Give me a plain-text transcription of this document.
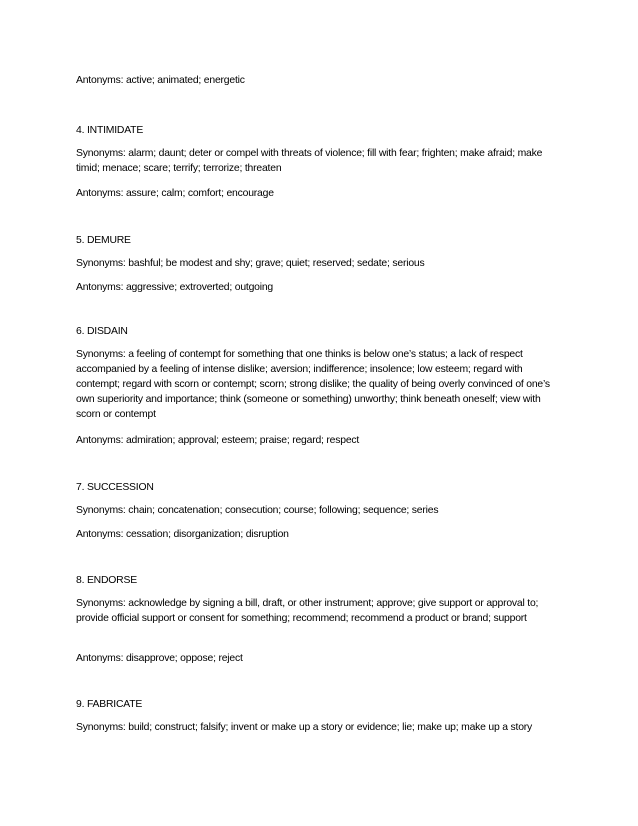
Antonyms: active; animated; energetic

4. INTIMIDATE

Synonyms: alarm; daunt; deter or compel with threats of violence; fill with fear; frighten; make afraid; make timid; menace; scare; terrify; terrorize; threaten

Antonyms: assure; calm; comfort; encourage

5. DEMURE

Synonyms: bashful; be modest and shy; grave; quiet; reserved; sedate; serious

Antonyms: aggressive; extroverted; outgoing

6. DISDAIN

Synonyms: a feeling of contempt for something that one thinks is below one’s status; a lack of respect accompanied by a feeling of intense dislike; aversion; indifference; insolence; low esteem; regard with contempt; regard with scorn or contempt; scorn; strong dislike; the quality of being overly convinced of one’s own superiority and importance; think (someone or something) unworthy; think beneath oneself; view with scorn or contempt

Antonyms: admiration; approval; esteem; praise; regard; respect

7. SUCCESSION

Synonyms: chain; concatenation; consecution; course; following; sequence; series

Antonyms: cessation; disorganization; disruption

8. ENDORSE

Synonyms: acknowledge by signing a bill, draft, or other instrument; approve; give support or approval to; provide official support or consent for something; recommend; recommend a product or brand; support

Antonyms: disapprove; oppose; reject

9. FABRICATE

Synonyms: build; construct; falsify; invent or make up a story or evidence; lie; make up; make up a story
